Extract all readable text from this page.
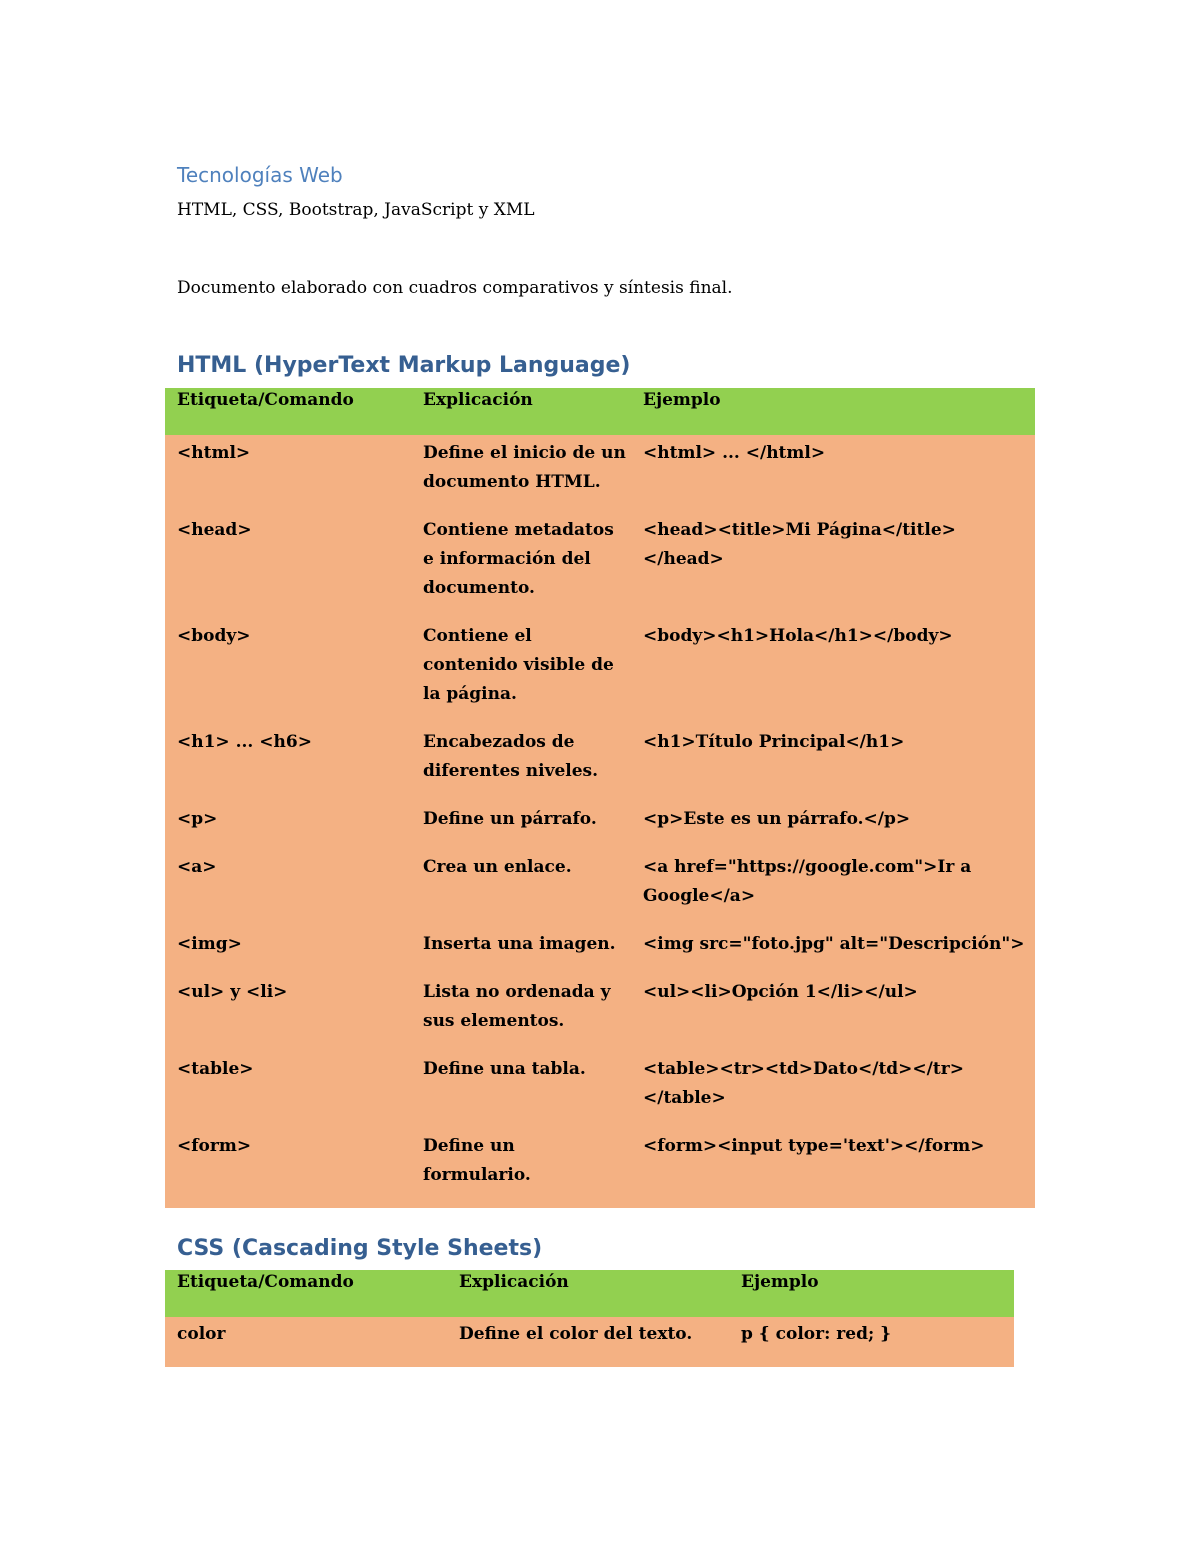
Tecnologías Web

HTML, CSS, Bootstrap, JavaScript y XML

Documento elaborado con cuadros comparativos y síntesis final.

HTML (HyperText Markup Language)
Etiqueta/Comando	Explicación	Ejemplo
<html>	Define el inicio de un documento HTML.	<html> ... </html>
<head>	Contiene metadatos e información del documento.	<head><title>Mi Página</title></head>
<body>	Contiene el contenido visible de la página.	<body><h1>Hola</h1></body>
<h1> ... <h6>	Encabezados de diferentes niveles.	<h1>Título Principal</h1>
<p>	Define un párrafo.	<p>Este es un párrafo.</p>
<a>	Crea un enlace.	<a href="https://google.com">Ir a Google</a>
<img>	Inserta una imagen.	<img src="foto.jpg" alt="Descripción">
<ul> y <li>	Lista no ordenada y sus elementos.	<ul><li>Opción 1</li></ul>
<table>	Define una tabla.	<table><tr><td>Dato</td></tr></table>
<form>	Define un formulario.	<form><input type='text'></form>
CSS (Cascading Style Sheets)
Etiqueta/Comando	Explicación	Ejemplo
color	Define el color del texto.	p { color: red; }
